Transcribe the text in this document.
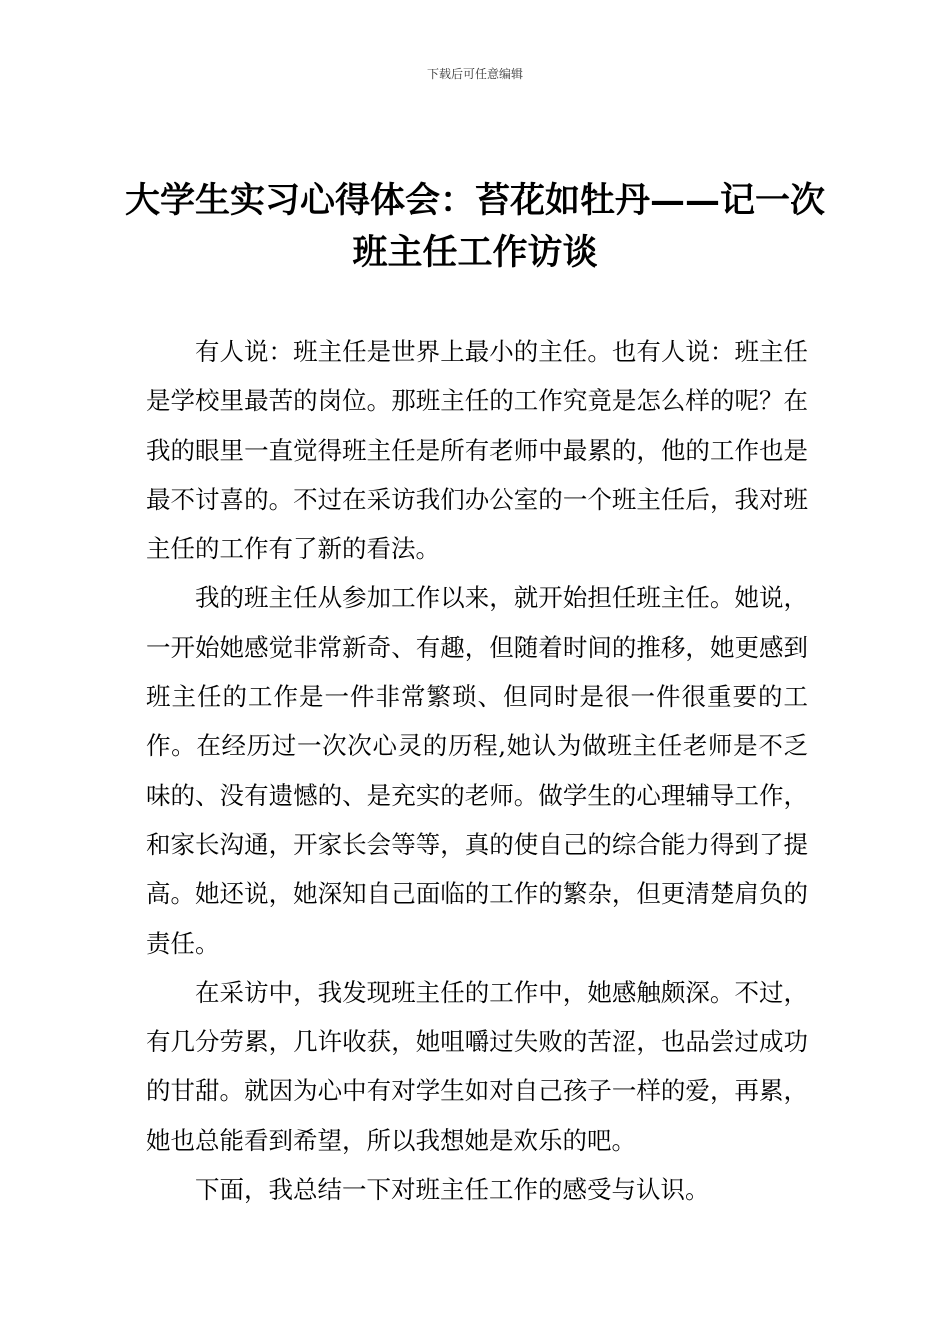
下载后可任意编辑
大学生实习心得体会：苔花如牡丹——记一次班主任工作访谈

有人说：班主任是世界上最小的主任。也有人说：班主任是学校里最苦的岗位。那班主任的工作究竟是怎么样的呢？在我的眼里一直觉得班主任是所有老师中最累的，他的工作也是最不讨喜的。不过在采访我们办公室的一个班主任后，我对班主任的工作有了新的看法。

我的班主任从参加工作以来，就开始担任班主任。她说，一开始她感觉非常新奇、有趣，但随着时间的推移，她更感到班主任的工作是一件非常繁琐、但同时是很一件很重要的工作。在经历过一次次心灵的历程,她认为做班主任老师是不乏味的、没有遗憾的、是充实的老师。做学生的心理辅导工作，和家长沟通，开家长会等等，真的使自己的综合能力得到了提高。她还说，她深知自己面临的工作的繁杂，但更清楚肩负的责任。

在采访中，我发现班主任的工作中，她感触颇深。不过，有几分劳累，几许收获，她咀嚼过失败的苦涩，也品尝过成功的甘甜。就因为心中有对学生如对自己孩子一样的爱，再累，她也总能看到希望，所以我想她是欢乐的吧。

下面，我总结一下对班主任工作的感受与认识。
